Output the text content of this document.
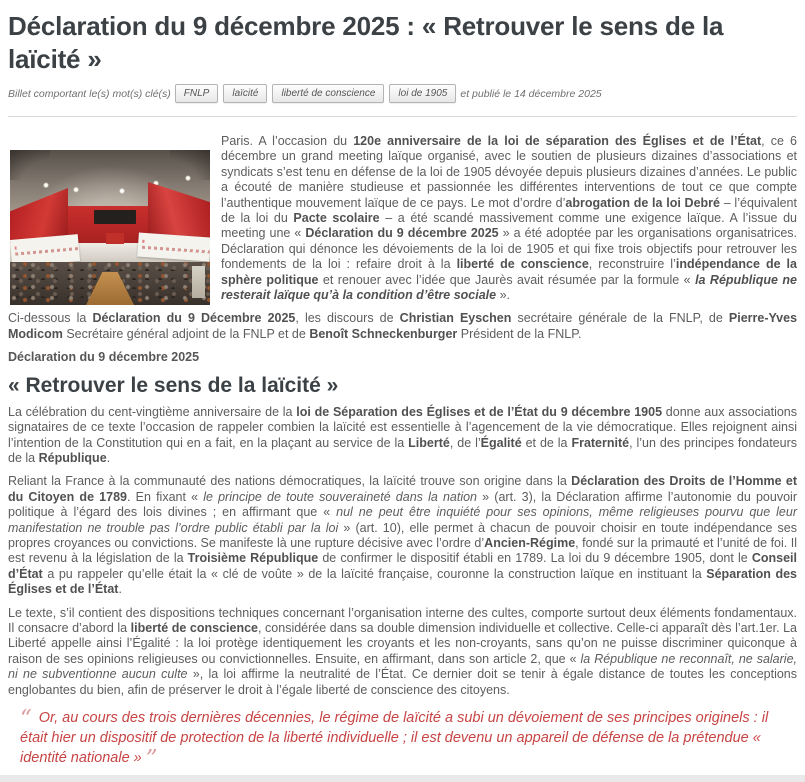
Déclaration du 9 décembre 2025 : « Retrouver le sens de la laïcité »
Billet comportant le(s) mot(s) clé(s)	FNLP	laïcité	liberté de conscience	loi de 1905	et publié le 14 décembre 2025

Paris. A l’occasion du 120e anniversaire de la loi de séparation des Églises et de l’État, ce 6 décembre un grand meeting laïque organisé, avec le soutien de plusieurs dizaines d’associations et syndicats s’est tenu en défense de la loi de 1905 dévoyée depuis plusieurs dizaines d’années. Le public a écouté de manière studieuse et passionnée les différentes interventions de tout ce que compte l’authentique mouvement laïque de ce pays. Le mot d’ordre d’abrogation de la loi Debré – l’équivalent de la loi du Pacte scolaire – a été scandé massivement comme une exigence laïque. A l’issue du meeting une « Déclaration du 9 décembre 2025 » a été adoptée par les organisations organisatrices. Déclaration qui dénonce les dévoiements de la loi de 1905 et qui fixe trois objectifs pour retrouver les fondements de la loi : refaire droit à la liberté de conscience, reconstruire l’indépendance de la sphère politique et renouer avec l’idée que Jaurès avait résumée par la formule « la République ne resterait laïque qu’à la condition d’être sociale ».

Ci-dessous la Déclaration du 9 Décembre 2025, les discours de Christian Eyschen secrétaire générale de la FNLP, de Pierre-Yves Modicom Secrétaire général adjoint de la FNLP et de Benoît Schneckenburger Président de la FNLP.

Déclaration du 9 décembre 2025

« Retrouver le sens de la laïcité »

La célébration du cent-vingtième anniversaire de la loi de Séparation des Églises et de l’État du 9 décembre 1905 donne aux associations signataires de ce texte l’occasion de rappeler combien la laïcité est essentielle à l’agencement de la vie démocratique. Elles rejoignent ainsi l’intention de la Constitution qui en a fait, en la plaçant au service de la Liberté, de l’Égalité et de la Fraternité, l’un des principes fondateurs de la République.

Reliant la France à la communauté des nations démocratiques, la laïcité trouve son origine dans la Déclaration des Droits de l’Homme et du Citoyen de 1789. En fixant « le principe de toute souveraineté dans la nation » (art. 3), la Déclaration affirme l’autonomie du pouvoir politique à l’égard des lois divines ; en affirmant que « nul ne peut être inquiété pour ses opinions, même religieuses pourvu que leur manifestation ne trouble pas l’ordre public établi par la loi » (art. 10), elle permet à chacun de pouvoir choisir en toute indépendance ses propres croyances ou convictions. Se manifeste là une rupture décisive avec l’ordre d’Ancien-Régime, fondé sur la primauté et l’unité de foi. Il est revenu à la législation de la Troisième République de confirmer le dispositif établi en 1789. La loi du 9 décembre 1905, dont le Conseil d’État a pu rappeler qu’elle était la « clé de voûte » de la laïcité française, couronne la construction laïque en instituant la Séparation des Églises et de l’État.

Le texte, s’il contient des dispositions techniques concernant l’organisation interne des cultes, comporte surtout deux éléments fondamentaux. Il consacre d’abord la liberté de conscience, considérée dans sa double dimension individuelle et collective. Celle-ci apparaît dès l’art.1er. La Liberté appelle ainsi l’Égalité : la loi protège identiquement les croyants et les non-croyants, sans qu’on ne puisse discriminer quiconque à raison de ses opinions religieuses ou convictionnelles. Ensuite, en affirmant, dans son article 2, que « la République ne reconnaît, ne salarie, ni ne subventionne aucun culte », la loi affirme la neutralité de l’État. Ce dernier doit se tenir à égale distance de toutes les conceptions englobantes du bien, afin de préserver le droit à l’égale liberté de conscience des citoyens.

“ Or, au cours des trois dernières décennies, le régime de laïcité a subi un dévoiement de ses principes originels : il était hier un dispositif de protection de la liberté individuelle ; il est devenu un appareil de défense de la prétendue « identité nationale » ”
